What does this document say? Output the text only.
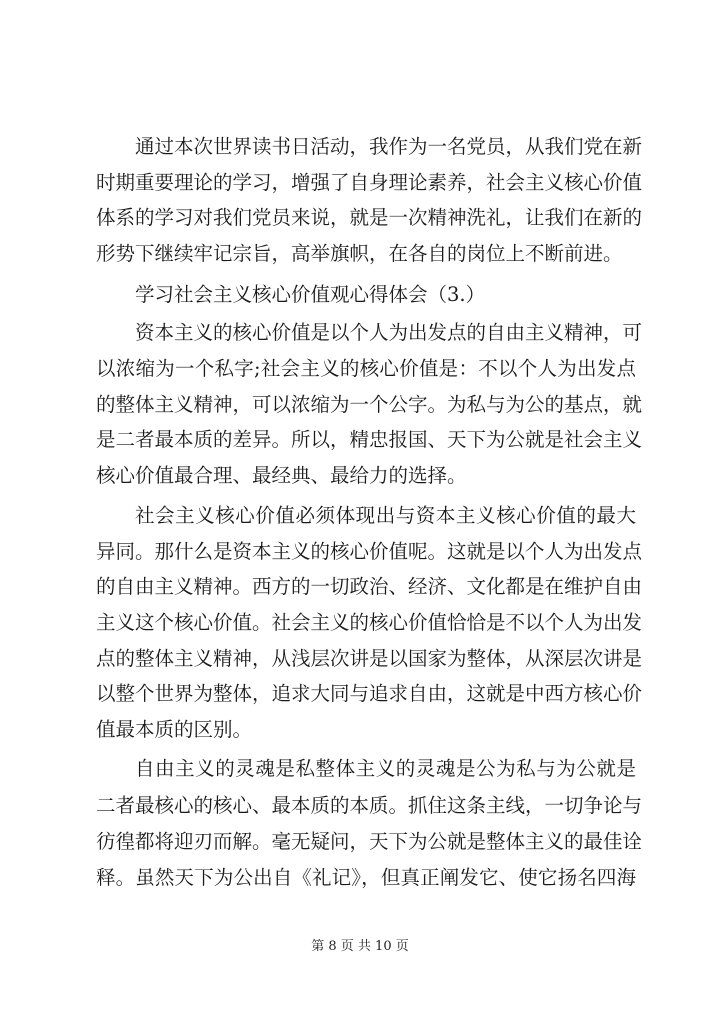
通过本次世界读书日活动，我作为一名党员，从我们党在新
时期重要理论的学习，增强了自身理论素养，社会主义核心价值
体系的学习对我们党员来说，就是一次精神洗礼，让我们在新的
形势下继续牢记宗旨，高举旗帜，在各自的岗位上不断前进。
学习社会主义核心价值观心得体会（3.）
资本主义的核心价值是以个人为出发点的自由主义精神，可
以浓缩为一个私字;社会主义的核心价值是：不以个人为出发点
的整体主义精神，可以浓缩为一个公字。为私与为公的基点，就
是二者最本质的差异。所以，精忠报国、天下为公就是社会主义
核心价值最合理、最经典、最给力的选择。
社会主义核心价值必须体现出与资本主义核心价值的最大
异同。那什么是资本主义的核心价值呢。这就是以个人为出发点
的自由主义精神。西方的一切政治、经济、文化都是在维护自由
主义这个核心价值。社会主义的核心价值恰恰是不以个人为出发
点的整体主义精神，从浅层次讲是以国家为整体，从深层次讲是
以整个世界为整体，追求大同与追求自由，这就是中西方核心价
值最本质的区别。
自由主义的灵魂是私整体主义的灵魂是公为私与为公就是
二者最核心的核心、最本质的本质。抓住这条主线，一切争论与
彷徨都将迎刃而解。毫无疑问，天下为公就是整体主义的最佳诠
释。虽然天下为公出自《礼记》，但真正阐发它、使它扬名四海
第 8 页 共 10 页
